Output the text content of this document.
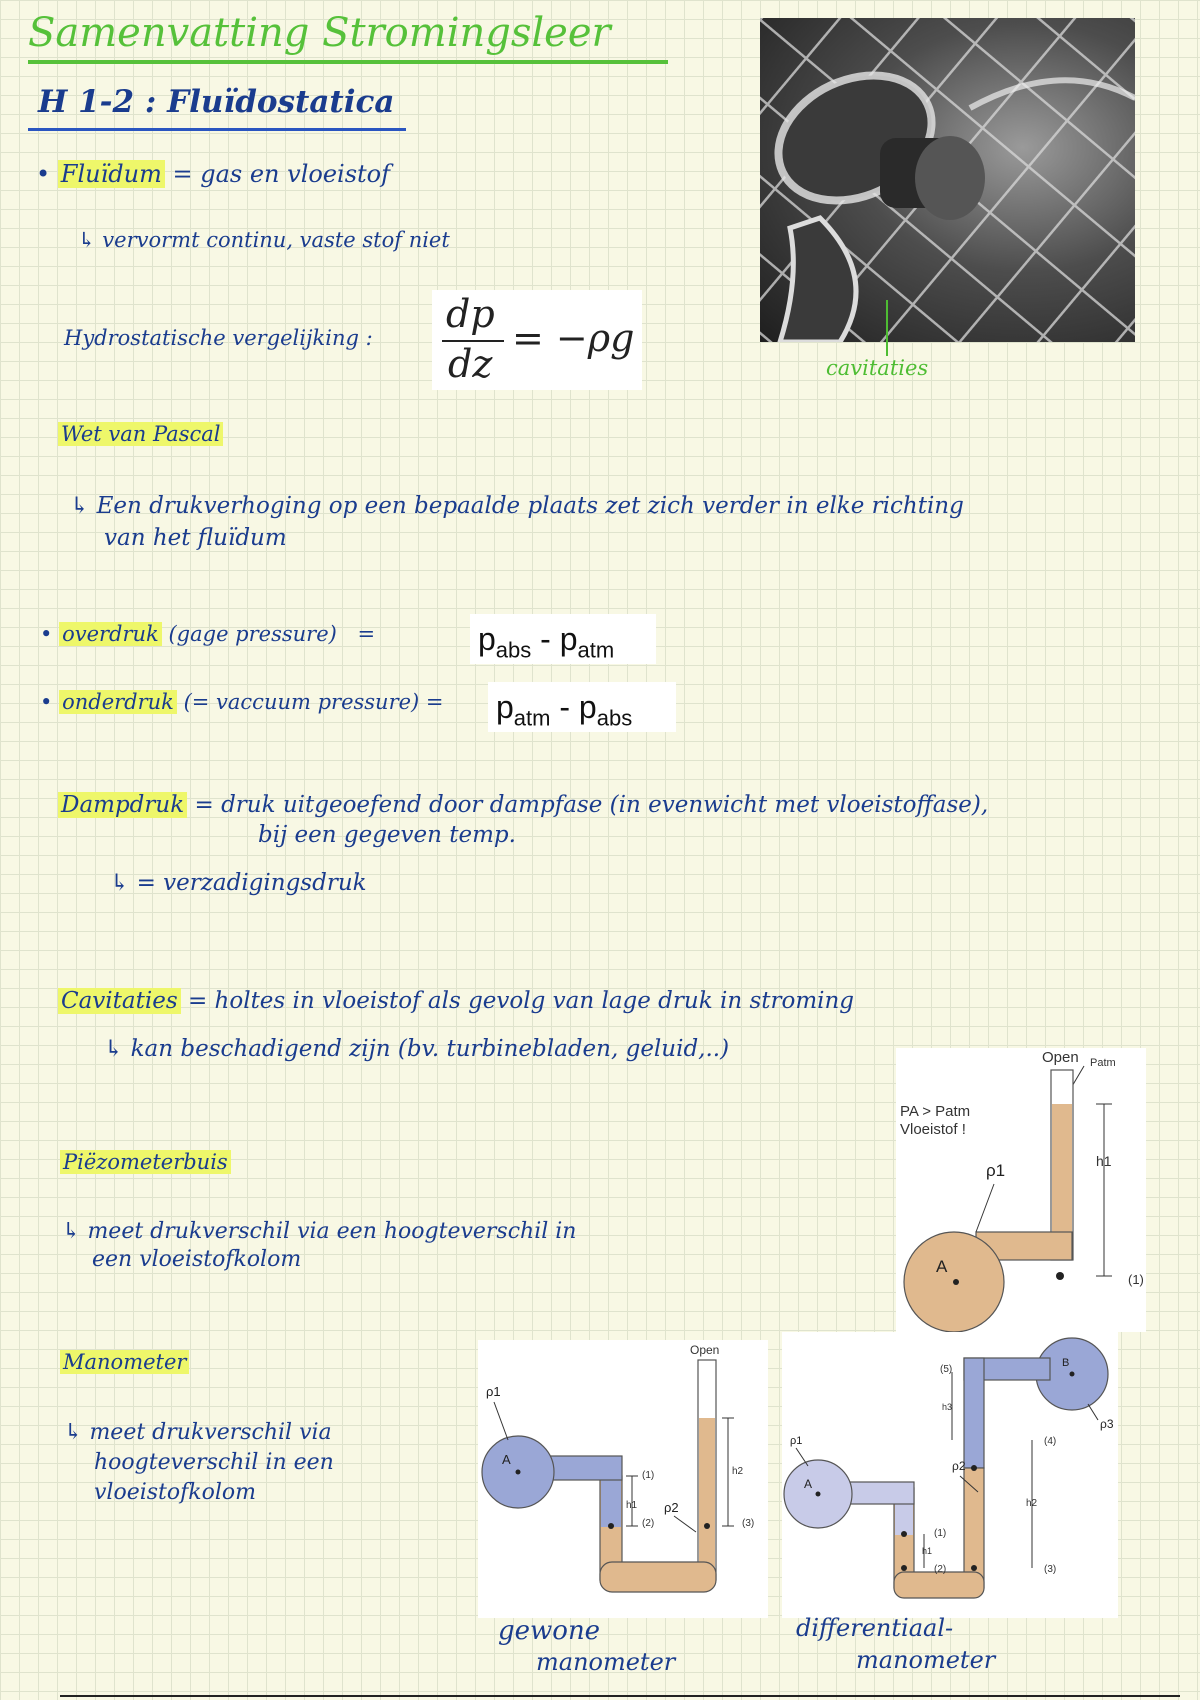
Samenvatting Stromingsleer
H 1-2 : Fluïdostatica
• Fluïdum = gas en vloeistof
↳ vervormt continu, vaste stof niet
Hydrostatische vergelijking :
dp
dz
= −ρg
cavitaties
Wet van Pascal
↳ Een drukverhoging op een bepaalde plaats zet zich verder in elke richting
van het fluïdum
• overdruk (gage pressure) =	$p_{abs} - p_{atm}$
• onderdruk (= vaccuum pressure) = $p_{atm} - p_{abs}$
Dampdruk = druk uitgeoefend door dampfase (in evenwicht met vloeistoffase),
bij een gegeven temp.
↳ = verzadigingsdruk
Cavitaties = holtes in vloeistof als gevolg van lage druk in stroming
↳ kan beschadigend zijn (bv. turbinebladen, geluid,..)
Piëzometerbuis
↳ meet drukverschil via een hoogteverschil in
een vloeistofkolom
Manometer
↳ meet drukverschil via
hoogteverschil in een
vloeistofkolom
Open Patm
A
PA > Patm
Vloeistof !
ρ1	h1
(1)
Open
A
ρ1
ρ2
h1
h2
(1)
(2)	(3)
gewone
manometer
B
A
ρ1
ρ2
ρ3
h1
(1)
(2)
h2
(3)
(4)
h3
(5)
differentiaal-
manometer
